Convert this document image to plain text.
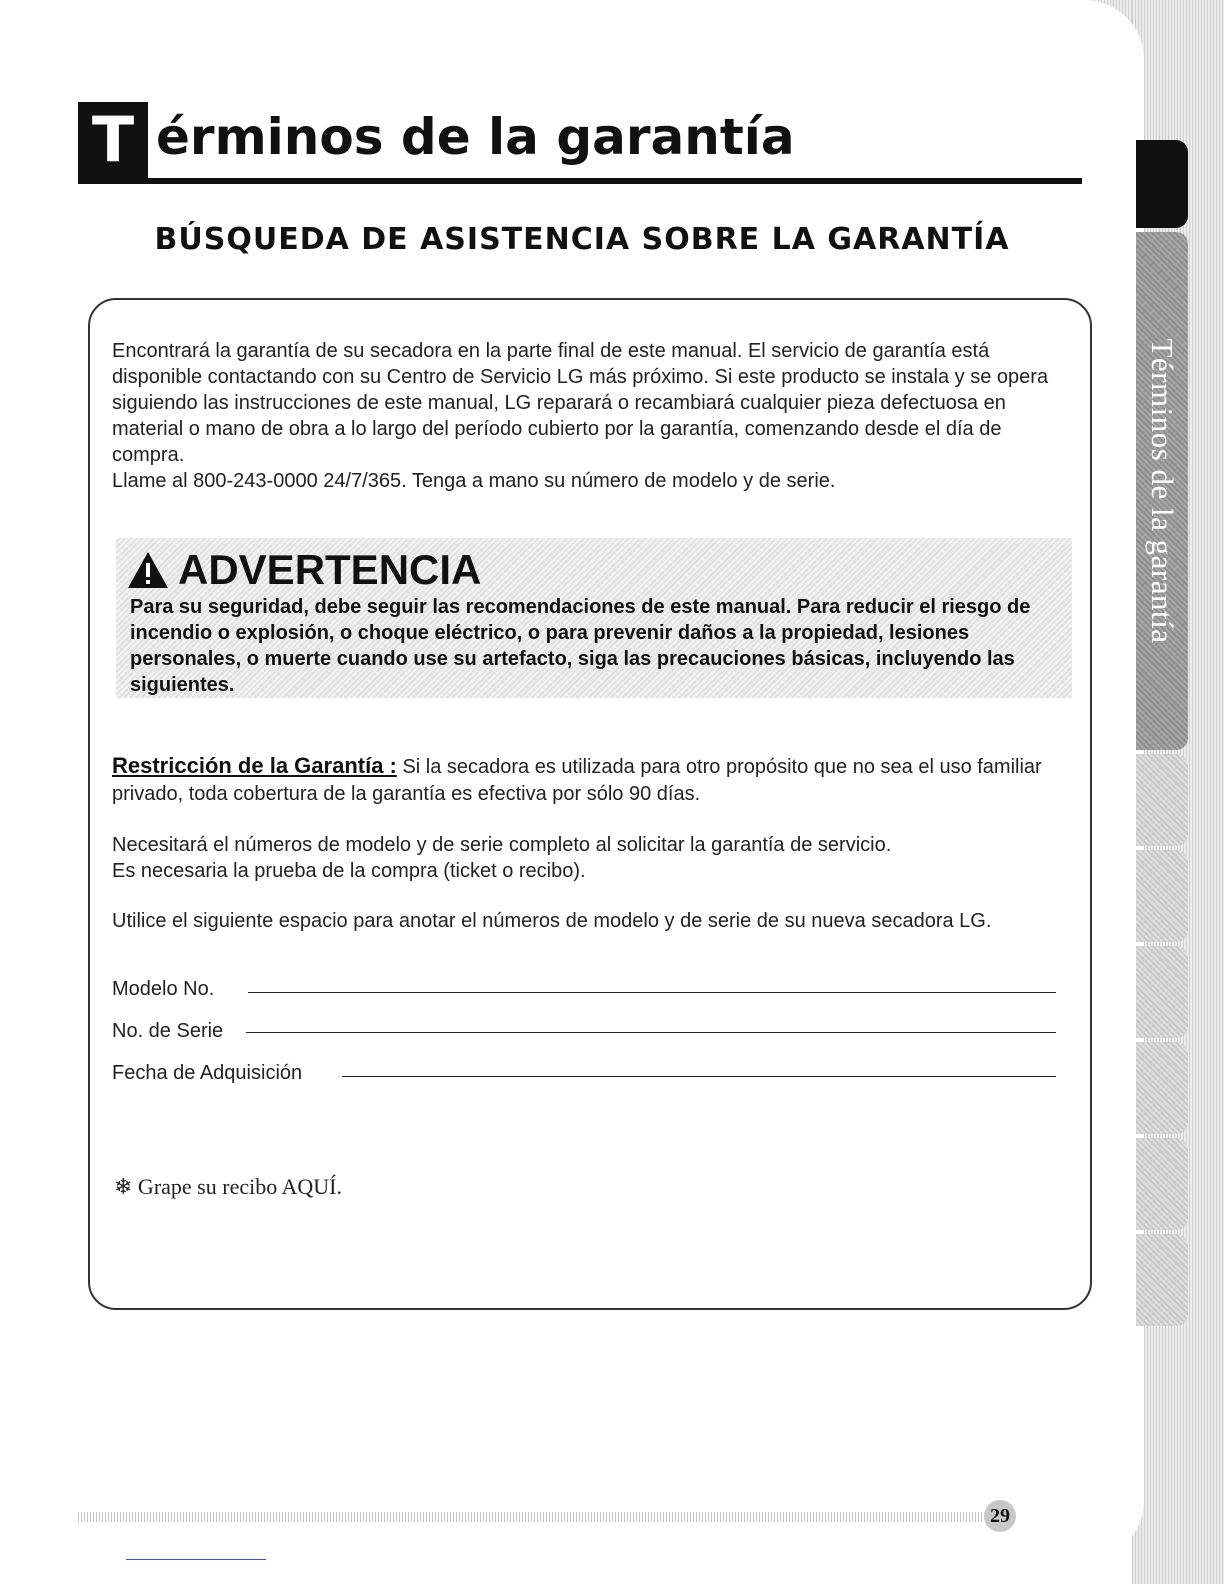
Términos de la garantía
T érminos de la garantía
BÚSQUEDA DE ASISTENCIA SOBRE LA GARANTÍA

Encontrará la garantía de su secadora en la parte final de este manual. El servicio de garantía está disponible contactando con su Centro de Servicio LG más próximo. Si este producto se instala y se opera siguiendo las instrucciones de este manual, LG reparará o recambiará cualquier pieza defectuosa en material o mano de obra a lo largo del período cubierto por la garantía, comenzando desde el día de compra.

Llame al 800-243-0000 24/7/365. Tenga a mano su número de modelo y de serie.

ADVERTENCIA
Para su seguridad, debe seguir las recomendaciones de este manual. Para reducir el riesgo de incendio o explosión, o choque eléctrico, o para prevenir daños a la propiedad, lesiones personales, o muerte cuando use su artefacto, siga las precauciones básicas, incluyendo las siguientes.
Restricción de la Garantía : Si la secadora es utilizada para otro propósito que no sea el uso familiar privado, toda cobertura de la garantía es efectiva por sólo 90 días.

Necesitará el números de modelo y de serie completo al solicitar la garantía de servicio.

Es necesaria la prueba de la compra (ticket o recibo).

Utilice el siguiente espacio para anotar el números de modelo y de serie de su nueva secadora LG.
Modelo No.
No. de Serie
Fecha de Adquisición
❄ Grape su recibo AQUÍ.
29
